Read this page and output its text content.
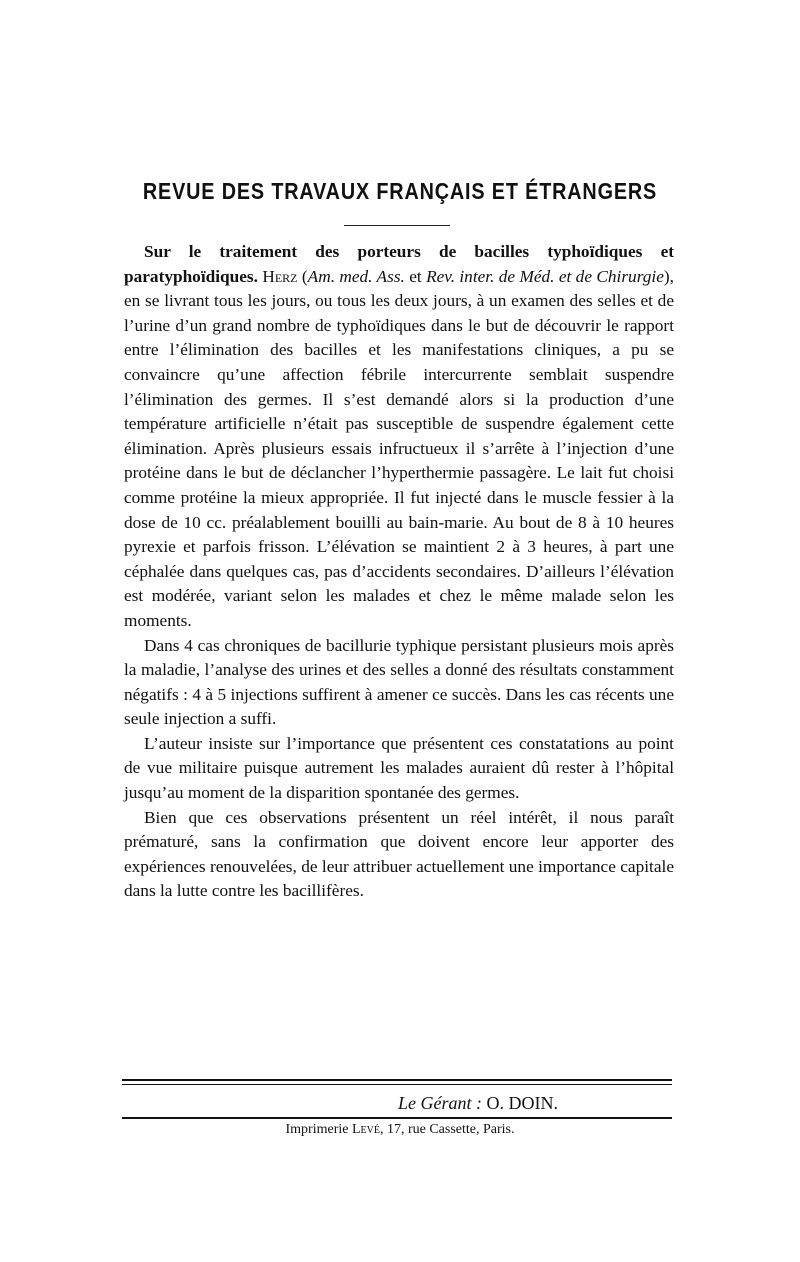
REVUE DES TRAVAUX FRANÇAIS ET ÉTRANGERS

Sur le traitement des porteurs de bacilles typhoïdiques et paratyphoïdiques. Herz (Am. med. Ass. et Rev. inter. de Méd. et de Chirurgie), en se livrant tous les jours, ou tous les deux jours, à un examen des selles et de l’urine d’un grand nombre de typhoïdiques dans le but de découvrir le rapport entre l’élimination des bacilles et les manifestations cliniques, a pu se convaincre qu’une affection fébrile intercurrente semblait suspendre l’élimination des germes. Il s’est demandé alors si la production d’une température artificielle n’était pas susceptible de suspendre également cette élimination. Après plusieurs essais infructueux il s’arrête à l’injection d’une protéine dans le but de déclancher l’hyperthermie passagère. Le lait fut choisi comme protéine la mieux appropriée. Il fut injecté dans le muscle fessier à la dose de 10 cc. préalablement bouilli au bain-marie. Au bout de 8 à 10 heures pyrexie et parfois frisson. L’élévation se maintient 2 à 3 heures, à part une céphalée dans quelques cas, pas d’accidents secondaires. D’ailleurs l’élévation est modérée, variant selon les malades et chez le même malade selon les moments.

Dans 4 cas chroniques de bacillurie typhique persistant plusieurs mois après la maladie, l’analyse des urines et des selles a donné des résultats constamment négatifs : 4 à 5 injections suffirent à amener ce succès. Dans les cas récents une seule injection a suffi.

L’auteur insiste sur l’importance que présentent ces constatations au point de vue militaire puisque autrement les malades auraient dû rester à l’hôpital jusqu’au moment de la disparition spontanée des germes.

Bien que ces observations présentent un réel intérêt, il nous paraît prématuré, sans la confirmation que doivent encore leur apporter des expériences renouvelées, de leur attribuer actuellement une importance capitale dans la lutte contre les bacillifères.

Le Gérant : O. DOIN.
Imprimerie Levé, 17, rue Cassette, Paris.
